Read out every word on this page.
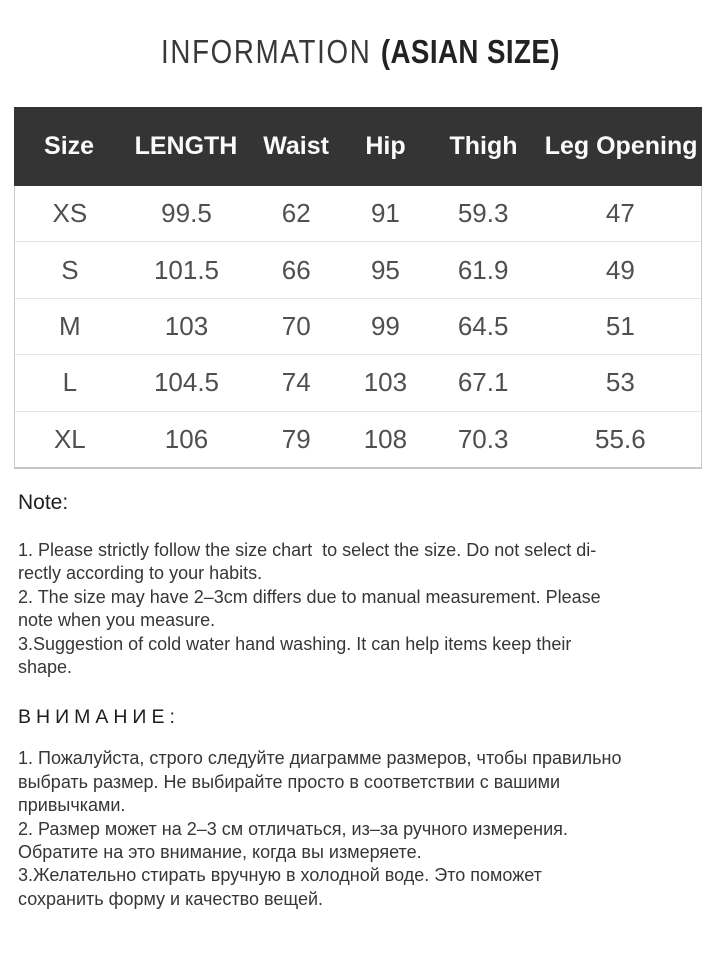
INFORMATION (ASIAN SIZE)
Size	LENGTH	Waist	Hip	Thigh	Leg Opening
XS	99.5	62	91	59.3	47
S	101.5	66	95	61.9	49
M	103	70	99	64.5	51
L	104.5	74	103	67.1	53
XL	106	79	108	70.3	55.6
Note:
1. Please strictly follow the size chart  to select the size. Do not select di-
rectly according to your habits.
2. The size may have 2–3cm differs due to manual measurement. Please
note when you measure.
3.Suggestion of cold water hand washing. It can help items keep their
shape.
ВНИМАНИЕ:
1. Пожалуйста, строго следуйте диаграмме размеров, чтобы правильно
выбрать размер. Не выбирайте просто в соответствии с вашими
привычками.
2. Размер может на 2–3 см отличаться, из–за ручного измерения.
Обратите на это внимание, когда вы измеряете.
3.Желательно стирать вручную в холодной воде. Это поможет
сохранить форму и качество вещей.
